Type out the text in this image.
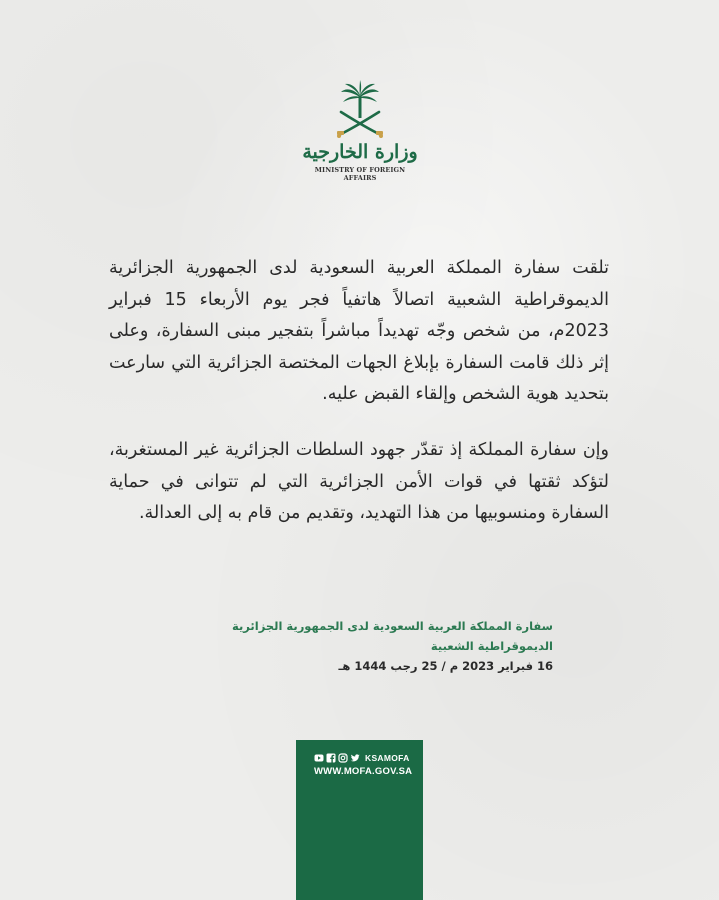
وزارة الخارجية
MINISTRY OF FOREIGN AFFAIRS

تلقت سفارة المملكة العربية السعودية لدى الجمهورية الجزائرية الديموقراطية الشعبية اتصالاً هاتفياً فجر يوم الأربعاء 15 فبراير 2023م، من شخص وجّه تهديداً مباشراً بتفجير مبنى السفارة، وعلى إثر ذلك قامت السفارة بإبلاغ الجهات المختصة الجزائرية التي سارعت بتحديد هوية الشخص وإلقاء القبض عليه.

وإن سفارة المملكة إذ تقدّر جهود السلطات الجزائرية غير المستغربة، لتؤكد ثقتها في قوات الأمن الجزائرية التي لم تتوانى في حماية السفارة ومنسوبيها من هذا التهديد، وتقديم من قام به إلى العدالة.

سفارة المملكة العربية السعودية لدى الجمهورية الجزائرية الديموقراطية الشعبية
16 فبراير 2023 م / 25 رجب 1444 هـ
KSAMOFA
WWW.MOFA.GOV.SA
